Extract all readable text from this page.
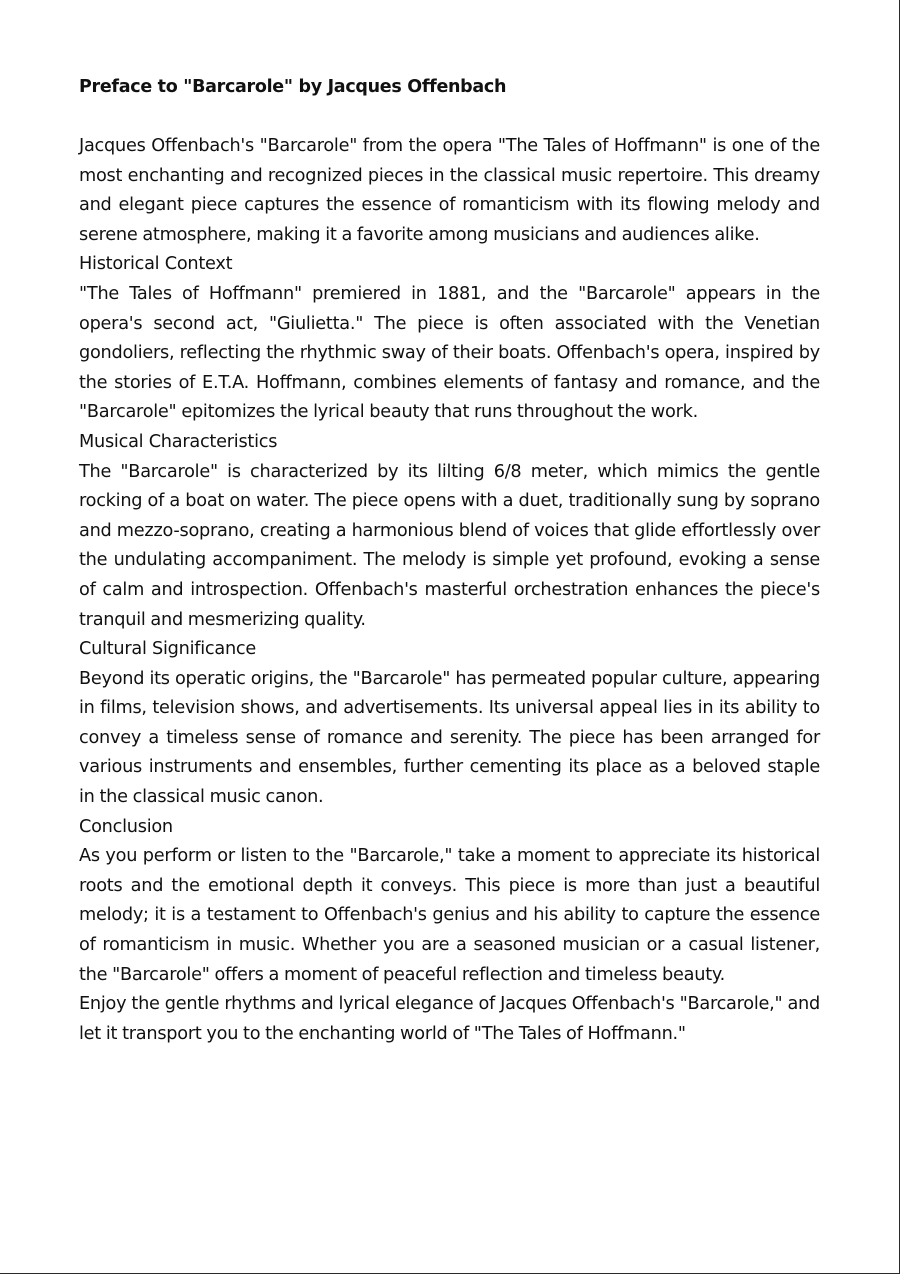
Preface to "Barcarole" by Jacques Offenbach

Jacques Offenbach's "Barcarole" from the opera "The Tales of Hoffmann" is one of the most enchanting and recognized pieces in the classical music repertoire. This dreamy and elegant piece captures the essence of romanticism with its flowing melody and serene atmosphere, making it a favorite among musicians and audiences alike.

Historical Context

"The Tales of Hoffmann" premiered in 1881, and the "Barcarole" appears in the opera's second act, "Giulietta." The piece is often associated with the Venetian gondoliers, reflecting the rhythmic sway of their boats. Offenbach's opera, inspired by the stories of E.T.A. Hoffmann, combines elements of fantasy and romance, and the "Barcarole" epitomizes the lyrical beauty that runs throughout the work.

Musical Characteristics

The "Barcarole" is characterized by its lilting 6/8 meter, which mimics the gentle rocking of a boat on water. The piece opens with a duet, traditionally sung by soprano and mezzo-soprano, creating a harmonious blend of voices that glide effortlessly over the undulating accompaniment. The melody is simple yet profound, evoking a sense of calm and introspection. Offenbach's masterful orchestration enhances the piece's tranquil and mesmerizing quality.

Cultural Significance

Beyond its operatic origins, the "Barcarole" has permeated popular culture, appearing in films, television shows, and advertisements. Its universal appeal lies in its ability to convey a timeless sense of romance and serenity. The piece has been arranged for various instruments and ensembles, further cementing its place as a beloved staple in the classical music canon.

Conclusion

As you perform or listen to the "Barcarole," take a moment to appreciate its historical roots and the emotional depth it conveys. This piece is more than just a beautiful melody; it is a testament to Offenbach's genius and his ability to capture the essence of romanticism in music. Whether you are a seasoned musician or a casual listener, the "Barcarole" offers a moment of peaceful reflection and timeless beauty.

Enjoy the gentle rhythms and lyrical elegance of Jacques Offenbach's "Barcarole," and let it transport you to the enchanting world of "The Tales of Hoffmann."
